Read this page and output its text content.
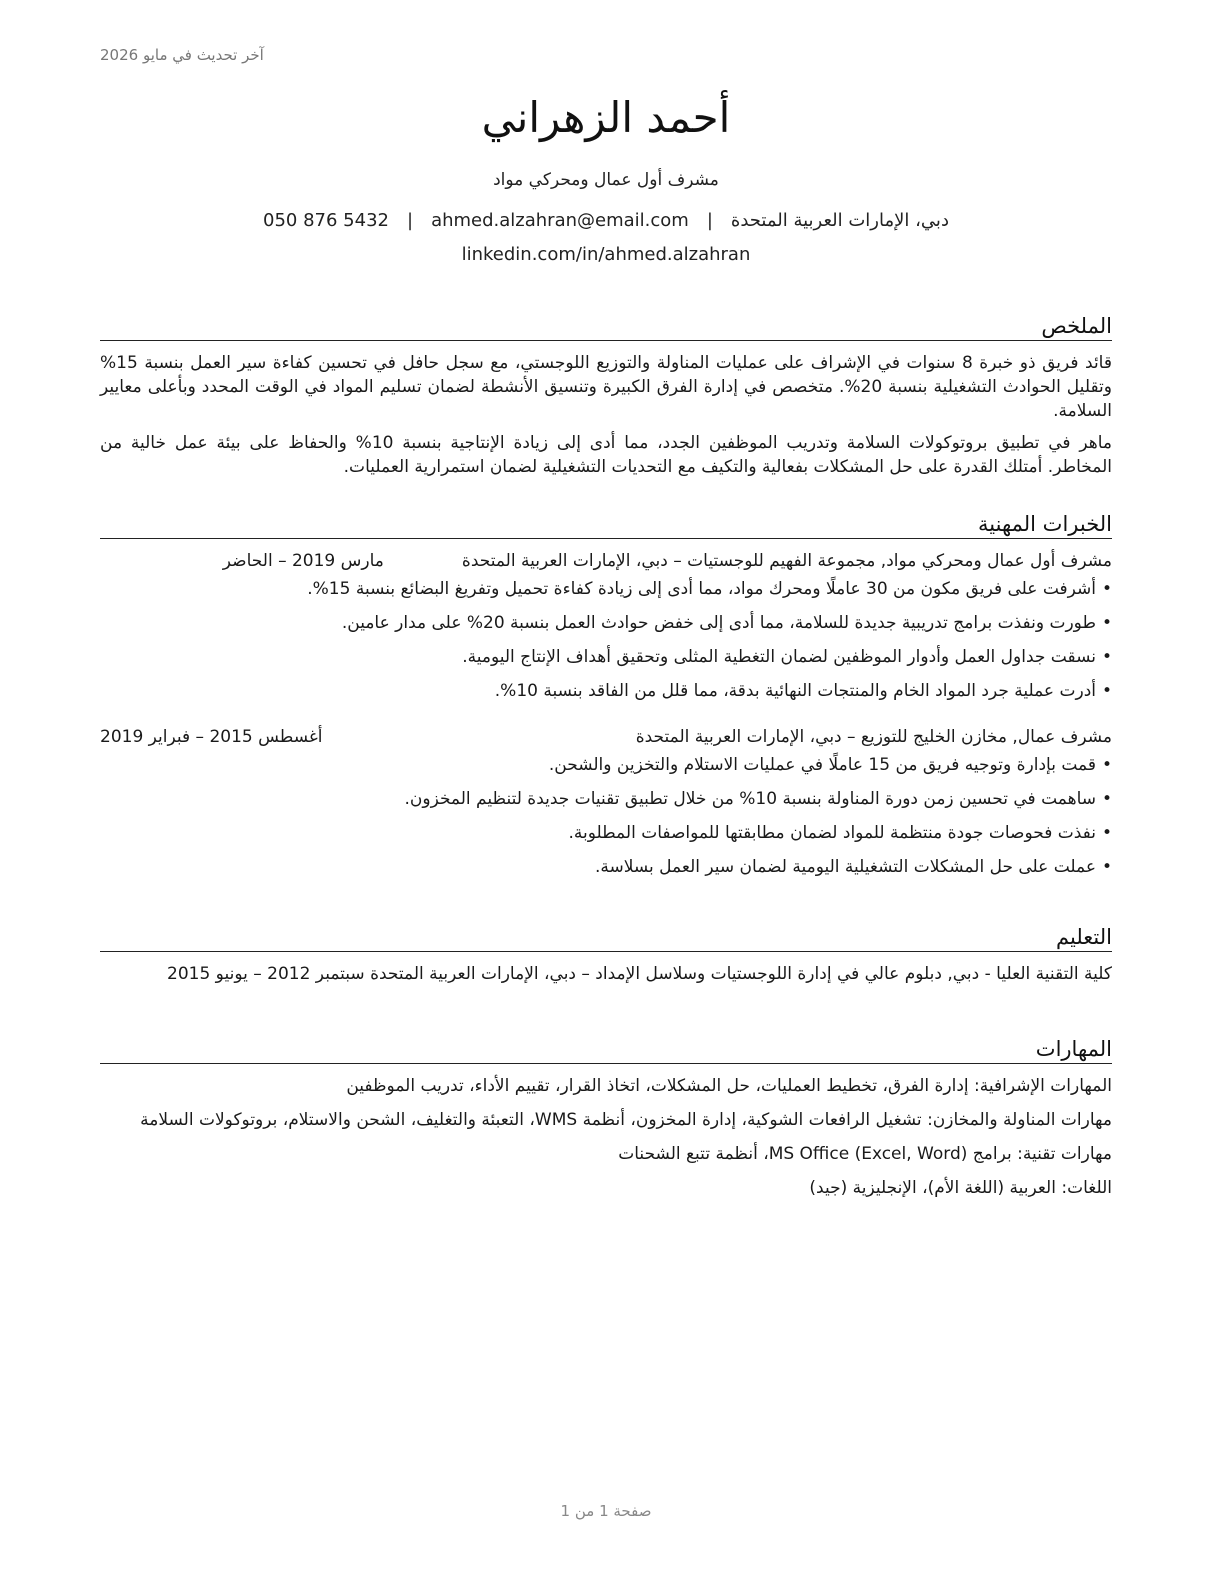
آخر تحديث في مايو 2026
أحمد الزهراني
مشرف أول عمال ومحركي مواد
دبي، الإمارات العربية المتحدة|ahmed.alzahran@email.com|050 876 5432
linkedin.com/in/ahmed.alzahran
الملخص

قائد فريق ذو خبرة 8 سنوات في الإشراف على عمليات المناولة والتوزيع اللوجستي، مع سجل حافل في تحسين كفاءة سير العمل بنسبة 15% وتقليل الحوادث التشغيلية بنسبة 20%. متخصص في إدارة الفرق الكبيرة وتنسيق الأنشطة لضمان تسليم المواد في الوقت المحدد وبأعلى معايير السلامة.

ماهر في تطبيق بروتوكولات السلامة وتدريب الموظفين الجدد، مما أدى إلى زيادة الإنتاجية بنسبة 10% والحفاظ على بيئة عمل خالية من المخاطر. أمتلك القدرة على حل المشكلات بفعالية والتكيف مع التحديات التشغيلية لضمان استمرارية العمليات.

الخبرات المهنية
مشرف أول عمال ومحركي مواد, مجموعة الفهيم للوجستيات – دبي، الإمارات العربية المتحدة
مارس 2019 – الحاضر
• أشرفت على فريق مكون من 30 عاملًا ومحرك مواد، مما أدى إلى زيادة كفاءة تحميل وتفريغ البضائع بنسبة 15%.
• طورت ونفذت برامج تدريبية جديدة للسلامة، مما أدى إلى خفض حوادث العمل بنسبة 20% على مدار عامين.
• نسقت جداول العمل وأدوار الموظفين لضمان التغطية المثلى وتحقيق أهداف الإنتاج اليومية.
• أدرت عملية جرد المواد الخام والمنتجات النهائية بدقة، مما قلل من الفاقد بنسبة 10%.
مشرف عمال, مخازن الخليج للتوزيع – دبي، الإمارات العربية المتحدة
أغسطس 2015 – فبراير 2019
• قمت بإدارة وتوجيه فريق من 15 عاملًا في عمليات الاستلام والتخزين والشحن.
• ساهمت في تحسين زمن دورة المناولة بنسبة 10% من خلال تطبيق تقنيات جديدة لتنظيم المخزون.
• نفذت فحوصات جودة منتظمة للمواد لضمان مطابقتها للمواصفات المطلوبة.
• عملت على حل المشكلات التشغيلية اليومية لضمان سير العمل بسلاسة.
التعليم

كلية التقنية العليا - دبي, دبلوم عالي في إدارة اللوجستيات وسلاسل الإمداد – دبي، الإمارات العربية المتحدة سبتمبر 2012 – يونيو 2015

المهارات

المهارات الإشرافية: إدارة الفرق، تخطيط العمليات، حل المشكلات، اتخاذ القرار، تقييم الأداء، تدريب الموظفين

مهارات المناولة والمخازن: تشغيل الرافعات الشوكية، إدارة المخزون، أنظمة WMS، التعبئة والتغليف، الشحن والاستلام، بروتوكولات السلامة

مهارات تقنية: برامج MS Office (Excel, Word)، أنظمة تتبع الشحنات

اللغات: العربية (اللغة الأم)، الإنجليزية (جيد)

صفحة 1 من 1
